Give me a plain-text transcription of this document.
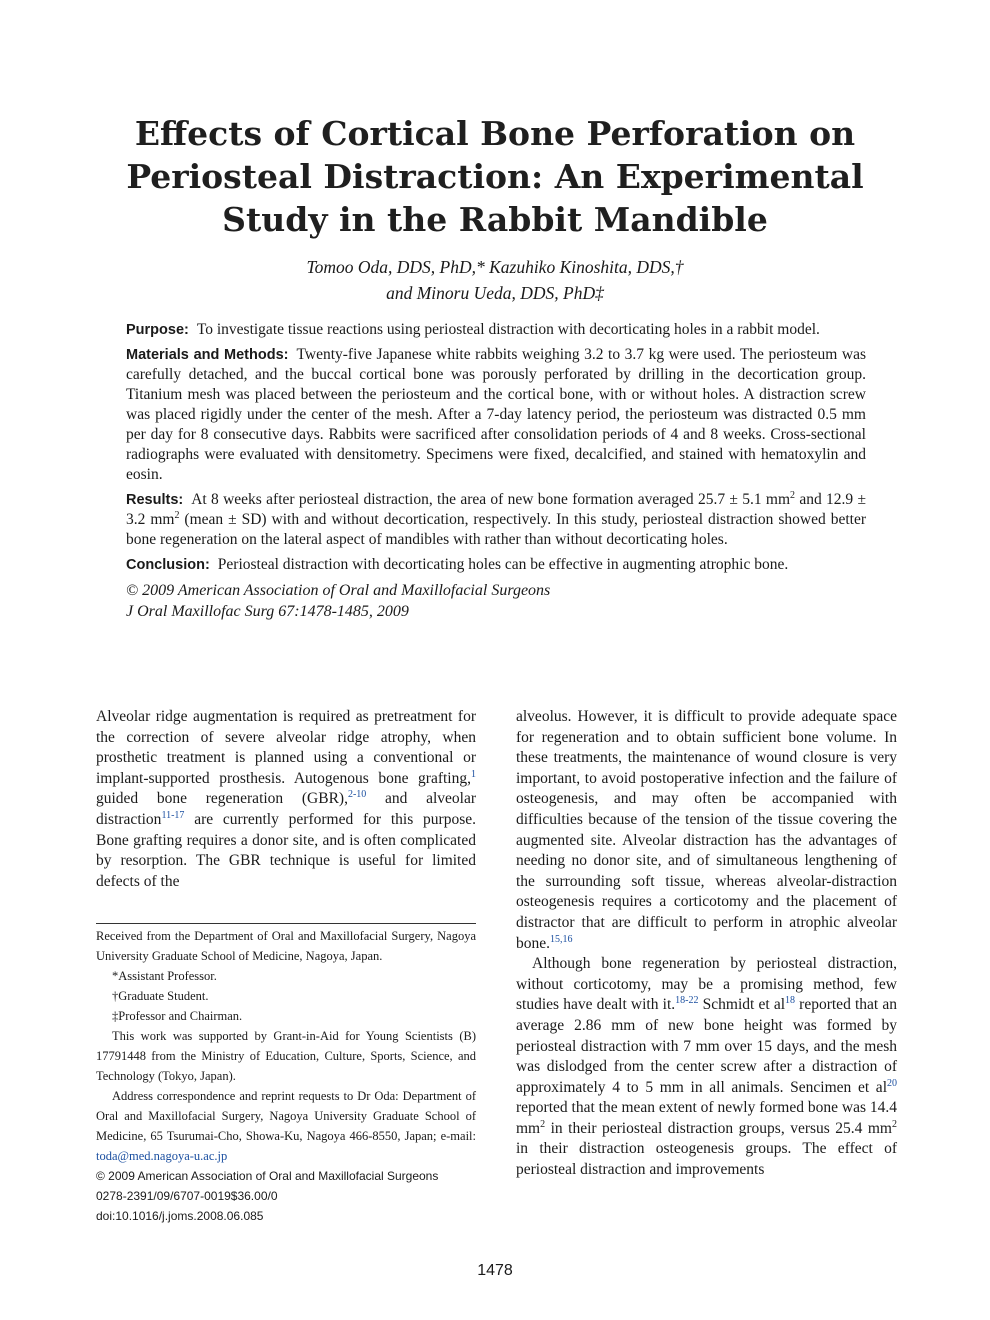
Effects of Cortical Bone Perforation on Periosteal Distraction: An Experimental Study in the Rabbit Mandible
Tomoo Oda, DDS, PhD,* Kazuhiko Kinoshita, DDS,†
and Minoru Ueda, DDS, PhD‡

Purpose: To investigate tissue reactions using periosteal distraction with decorticating holes in a rabbit model.

Materials and Methods: Twenty-five Japanese white rabbits weighing 3.2 to 3.7 kg were used. The periosteum was carefully detached, and the buccal cortical bone was porously perforated by drilling in the decortication group. Titanium mesh was placed between the periosteum and the cortical bone, with or without holes. A distraction screw was placed rigidly under the center of the mesh. After a 7-day latency period, the periosteum was distracted 0.5 mm per day for 8 consecutive days. Rabbits were sacrificed after consolidation periods of 4 and 8 weeks. Cross-sectional radiographs were evaluated with densitometry. Specimens were fixed, decalcified, and stained with hematoxylin and eosin.

Results: At 8 weeks after periosteal distraction, the area of new bone formation averaged 25.7 ± 5.1 $mm^2$ and 12.9 ± 3.2 $mm^2$ (mean ± SD) with and without decortication, respectively. In this study, periosteal distraction showed better bone regeneration on the lateral aspect of mandibles with rather than without decorticating holes.

Conclusion: Periosteal distraction with decorticating holes can be effective in augmenting atrophic bone.

© 2009 American Association of Oral and Maxillofacial Surgeons

J Oral Maxillofac Surg 67:1478-1485, 2009

Alveolar ridge augmentation is required as pretreatment for the correction of severe alveolar ridge atrophy, when prosthetic treatment is planned using a conventional or implant-supported prosthesis. Autogenous bone grafting,$^1$ guided bone regeneration (GBR),$^{2-10}$ and alveolar distraction$^{11-17}$ are currently performed for this purpose. Bone grafting requires a donor site, and is often complicated by resorption. The GBR technique is useful for limited defects of the

Received from the Department of Oral and Maxillofacial Surgery, Nagoya University Graduate School of Medicine, Nagoya, Japan.

*Assistant Professor.

†Graduate Student.

‡Professor and Chairman.

This work was supported by Grant-in-Aid for Young Scientists (B) 17791448 from the Ministry of Education, Culture, Sports, Science, and Technology (Tokyo, Japan).

Address correspondence and reprint requests to Dr Oda: Department of Oral and Maxillofacial Surgery, Nagoya University Graduate School of Medicine, 65 Tsurumai-Cho, Showa-Ku, Nagoya 466-8550, Japan; e-mail: toda@med.nagoya-u.ac.jp

© 2009 American Association of Oral and Maxillofacial Surgeons

0278-2391/09/6707-0019$36.00/0

doi:10.1016/j.joms.2008.06.085

alveolus. However, it is difficult to provide adequate space for regeneration and to obtain sufficient bone volume. In these treatments, the maintenance of wound closure is very important, to avoid postoperative infection and the failure of osteogenesis, and may often be accompanied with difficulties because of the tension of the tissue covering the augmented site. Alveolar distraction has the advantages of needing no donor site, and of simultaneous lengthening of the surrounding soft tissue, whereas alveolar-distraction osteogenesis requires a corticotomy and the placement of distractor that are difficult to perform in atrophic alveolar bone.$^{15,16}$

Although bone regeneration by periosteal distraction, without corticotomy, may be a promising method, few studies have dealt with it.$^{18-22}$ Schmidt et $al^{18}$ reported that an average 2.86 mm of new bone height was formed by periosteal distraction with 7 mm over 15 days, and the mesh was dislodged from the center screw after a distraction of approximately 4 to 5 mm in all animals. Sencimen et $al^{20}$ reported that the mean extent of newly formed bone was 14.4 $mm^2$ in their periosteal distraction groups, versus 25.4 $mm^2$ in their distraction osteogenesis groups. The effect of periosteal distraction and improvements

1478
